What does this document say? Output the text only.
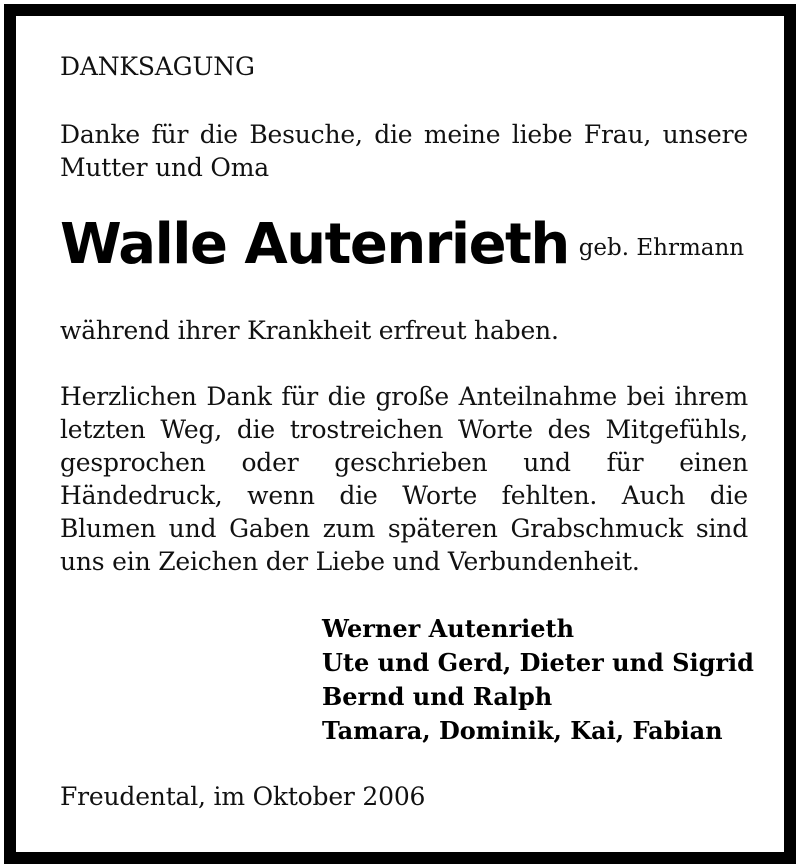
DANKSAGUNG

Danke für die Besuche, die meine liebe Frau, unsere Mutter und Oma

Walle Autenrieth geb. Ehrmann

während ihrer Krankheit erfreut haben.

Herzlichen Dank für die große Anteilnahme bei ihrem letzten Weg, die trostreichen Worte des Mitgefühls, gesprochen oder geschrieben und für einen Händedruck, wenn die Worte fehlten. Auch die Blumen und Gaben zum späteren Grabschmuck sind uns ein Zeichen der Liebe und Verbundenheit.

Werner Autenrieth
Ute und Gerd, Dieter und Sigrid
Bernd und Ralph
Tamara, Dominik, Kai, Fabian

Freudental, im Oktober 2006
